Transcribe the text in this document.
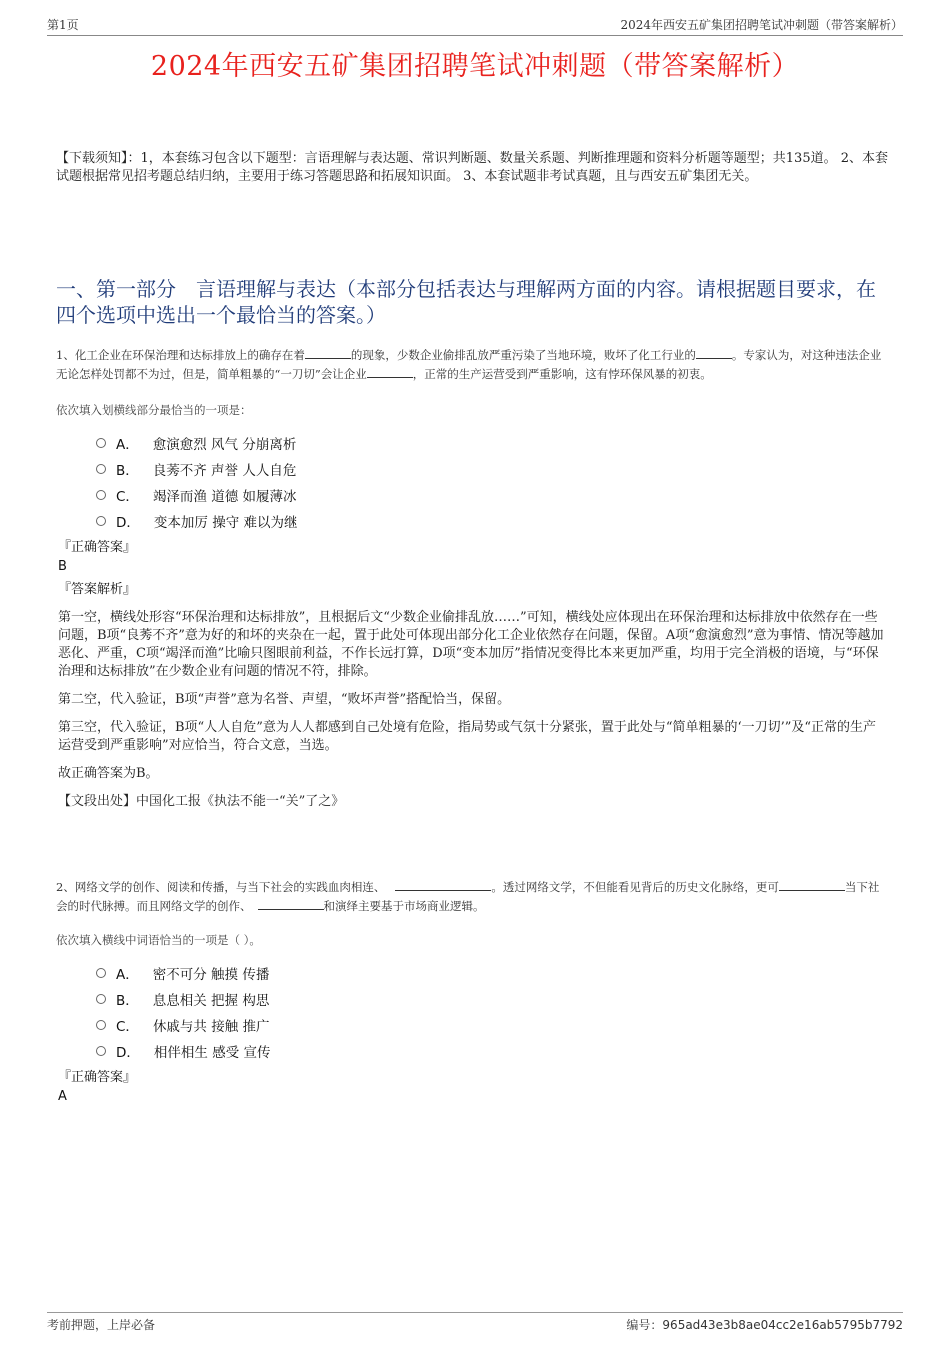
第1页	2024年西安五矿集团招聘笔试冲刺题（带答案解析）
2024年西安五矿集团招聘笔试冲刺题（带答案解析）
【下载须知】：1，本套练习包含以下题型：言语理解与表达题、常识判断题、数量关系题、判断推理题和资料分析题等题型；共135道。 2、本套试题根据常见招考题总结归纳，主要用于练习答题思路和拓展知识面。 3、本套试题非考试真题，且与西安五矿集团无关。
一、第一部分　言语理解与表达（本部分包括表达与理解两方面的内容。请根据题目要求，在四个选项中选出一个最恰当的答案。）

1、化工企业在环保治理和达标排放上的确存在着	的现象，少数企业偷排乱放严重污染了当地环境，败坏了化工行业的	。专家认为，对这种违法企业无论怎样处罚都不为过，但是，简单粗暴的“一刀切”会让企业	，正常的生产运营受到严重影响，这有悖环保风暴的初衷。

依次填入划横线部分最恰当的一项是：
A． 愈演愈烈 风气 分崩离析
B． 良莠不齐 声誉 人人自危
C． 竭泽而渔 道德 如履薄冰
D． 变本加厉 操守 难以为继
『正确答案』
B
『答案解析』

第一空，横线处形容“环保治理和达标排放”，且根据后文“少数企业偷排乱放……”可知，横线处应体现出在环保治理和达标排放中依然存在一些问题，B项“良莠不齐”意为好的和坏的夹杂在一起，置于此处可体现出部分化工企业依然存在问题，保留。A项“愈演愈烈”意为事情、情况等越加恶化、严重，C项“竭泽而渔”比喻只图眼前利益，不作长远打算，D项“变本加厉”指情况变得比本来更加严重，均用于完全消极的语境，与“环保治理和达标排放”在少数企业有问题的情况不符，排除。

第二空，代入验证，B项“声誉”意为名誉、声望，“败坏声誉”搭配恰当，保留。

第三空，代入验证，B项“人人自危”意为人人都感到自己处境有危险，指局势或气氛十分紧张，置于此处与“简单粗暴的‘一刀切’”及“正常的生产运营受到严重影响”对应恰当，符合文意，当选。

故正确答案为B。

【文段出处】中国化工报《执法不能一“关”了之》

2、网络文学的创作、阅读和传播，与当下社会的实践血肉相连、	。透过网络文学，不但能看见背后的历史文化脉络，更可	当下社会的时代脉搏。而且网络文学的创作、	和演绎主要基于市场商业逻辑。

依次填入横线中词语恰当的一项是（ ）。
A． 密不可分 触摸 传播
B． 息息相关 把握 构思
C． 休戚与共 接触 推广
D． 相伴相生 感受 宣传
『正确答案』
A
考前押题，上岸必备	编号：965ad43e3b8ae04cc2e16ab5795b7792
